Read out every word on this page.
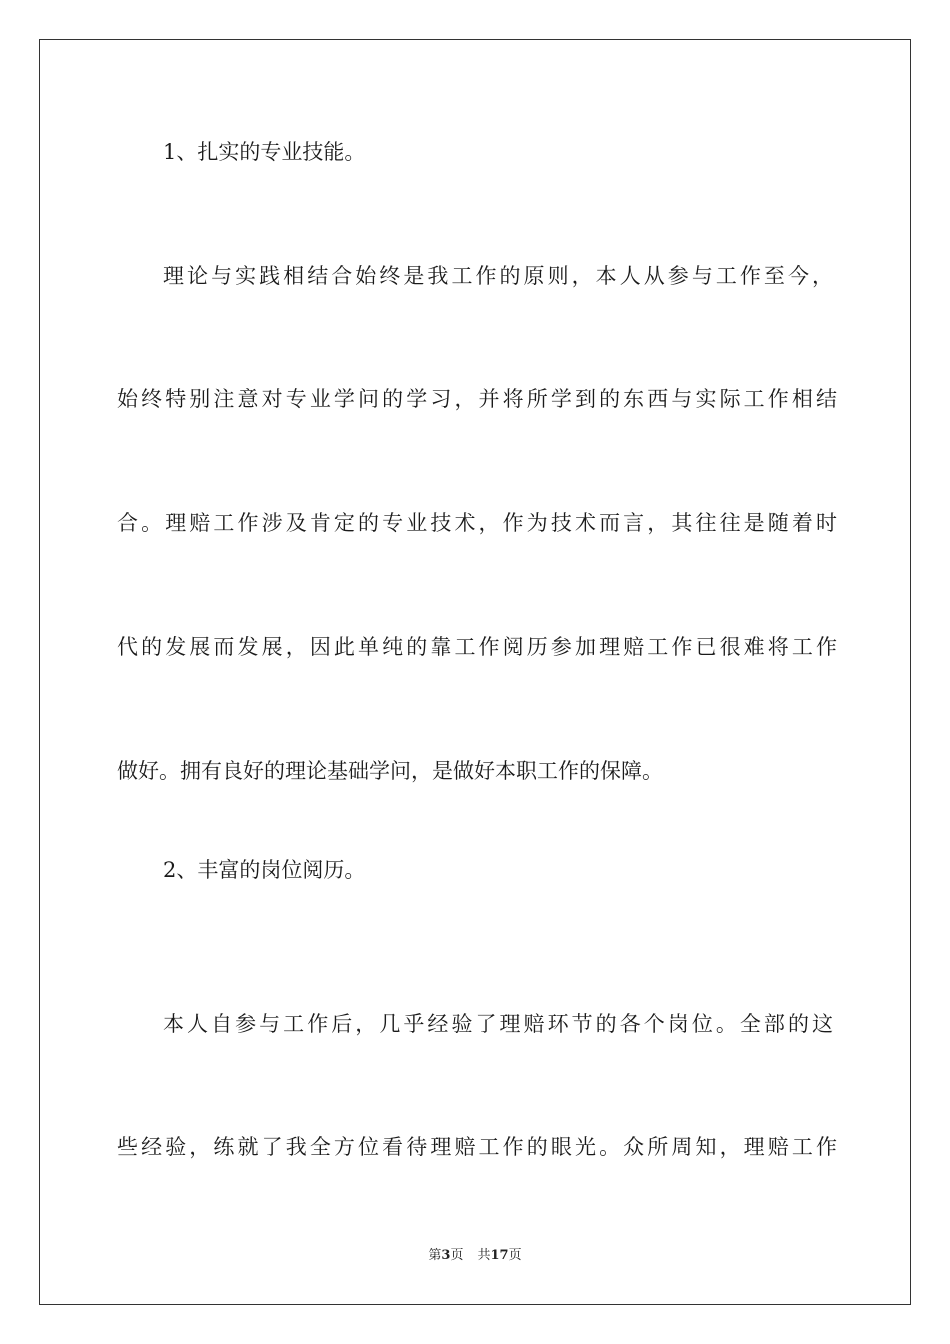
1、扎实的专业技能。
理论与实践相结合始终是我工作的原则，本人从参与工作至今，
始终特别注意对专业学问的学习，并将所学到的东西与实际工作相结
合。理赔工作涉及肯定的专业技术，作为技术而言，其往往是随着时
代的发展而发展，因此单纯的靠工作阅历参加理赔工作已很难将工作
做好。拥有良好的理论基础学问，是做好本职工作的保障。
2、丰富的岗位阅历。
本人自参与工作后，几乎经验了理赔环节的各个岗位。全部的这
些经验，练就了我全方位看待理赔工作的眼光。众所周知，理赔工作
第3页 共17页
